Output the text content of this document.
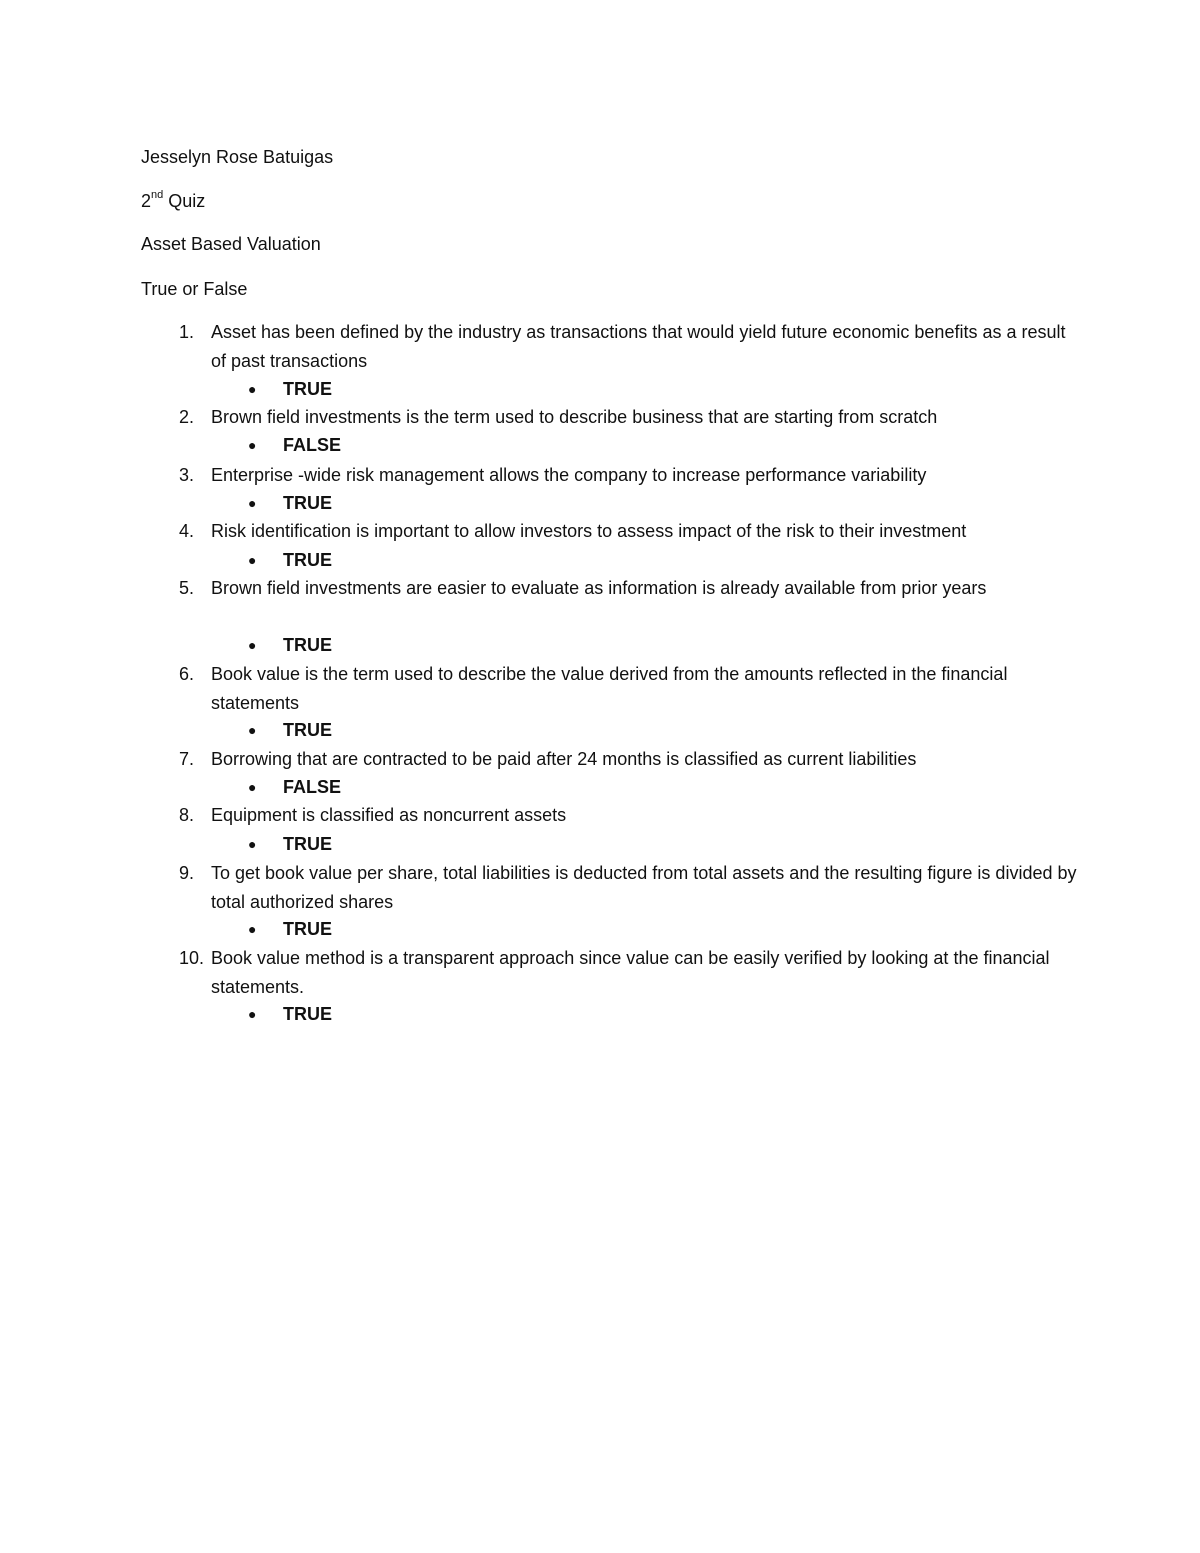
Jesselyn Rose Batuigas
2nd Quiz
Asset Based Valuation
True or False
1. Asset has been defined by the industry as transactions that would yield future economic benefits as a result of past transactions
● TRUE
2. Brown field investments is the term used to describe business that are starting from scratch
● FALSE
3. Enterprise -wide risk management allows the company to increase performance variability
● TRUE
4. Risk identification is important to allow investors to assess impact of the risk to their investment
● TRUE
5. Brown field investments are easier to evaluate as information is already available from prior years
● TRUE
6. Book value is the term used to describe the value derived from the amounts reflected in the financial statements
● TRUE
7. Borrowing that are contracted to be paid after 24 months is classified as current liabilities
● FALSE
8. Equipment is classified as noncurrent assets
● TRUE
9. To get book value per share, total liabilities is deducted from total assets and the resulting figure is divided by total authorized shares
● TRUE
10. Book value method is a transparent approach since value can be easily verified by looking at the financial statements.
● TRUE
